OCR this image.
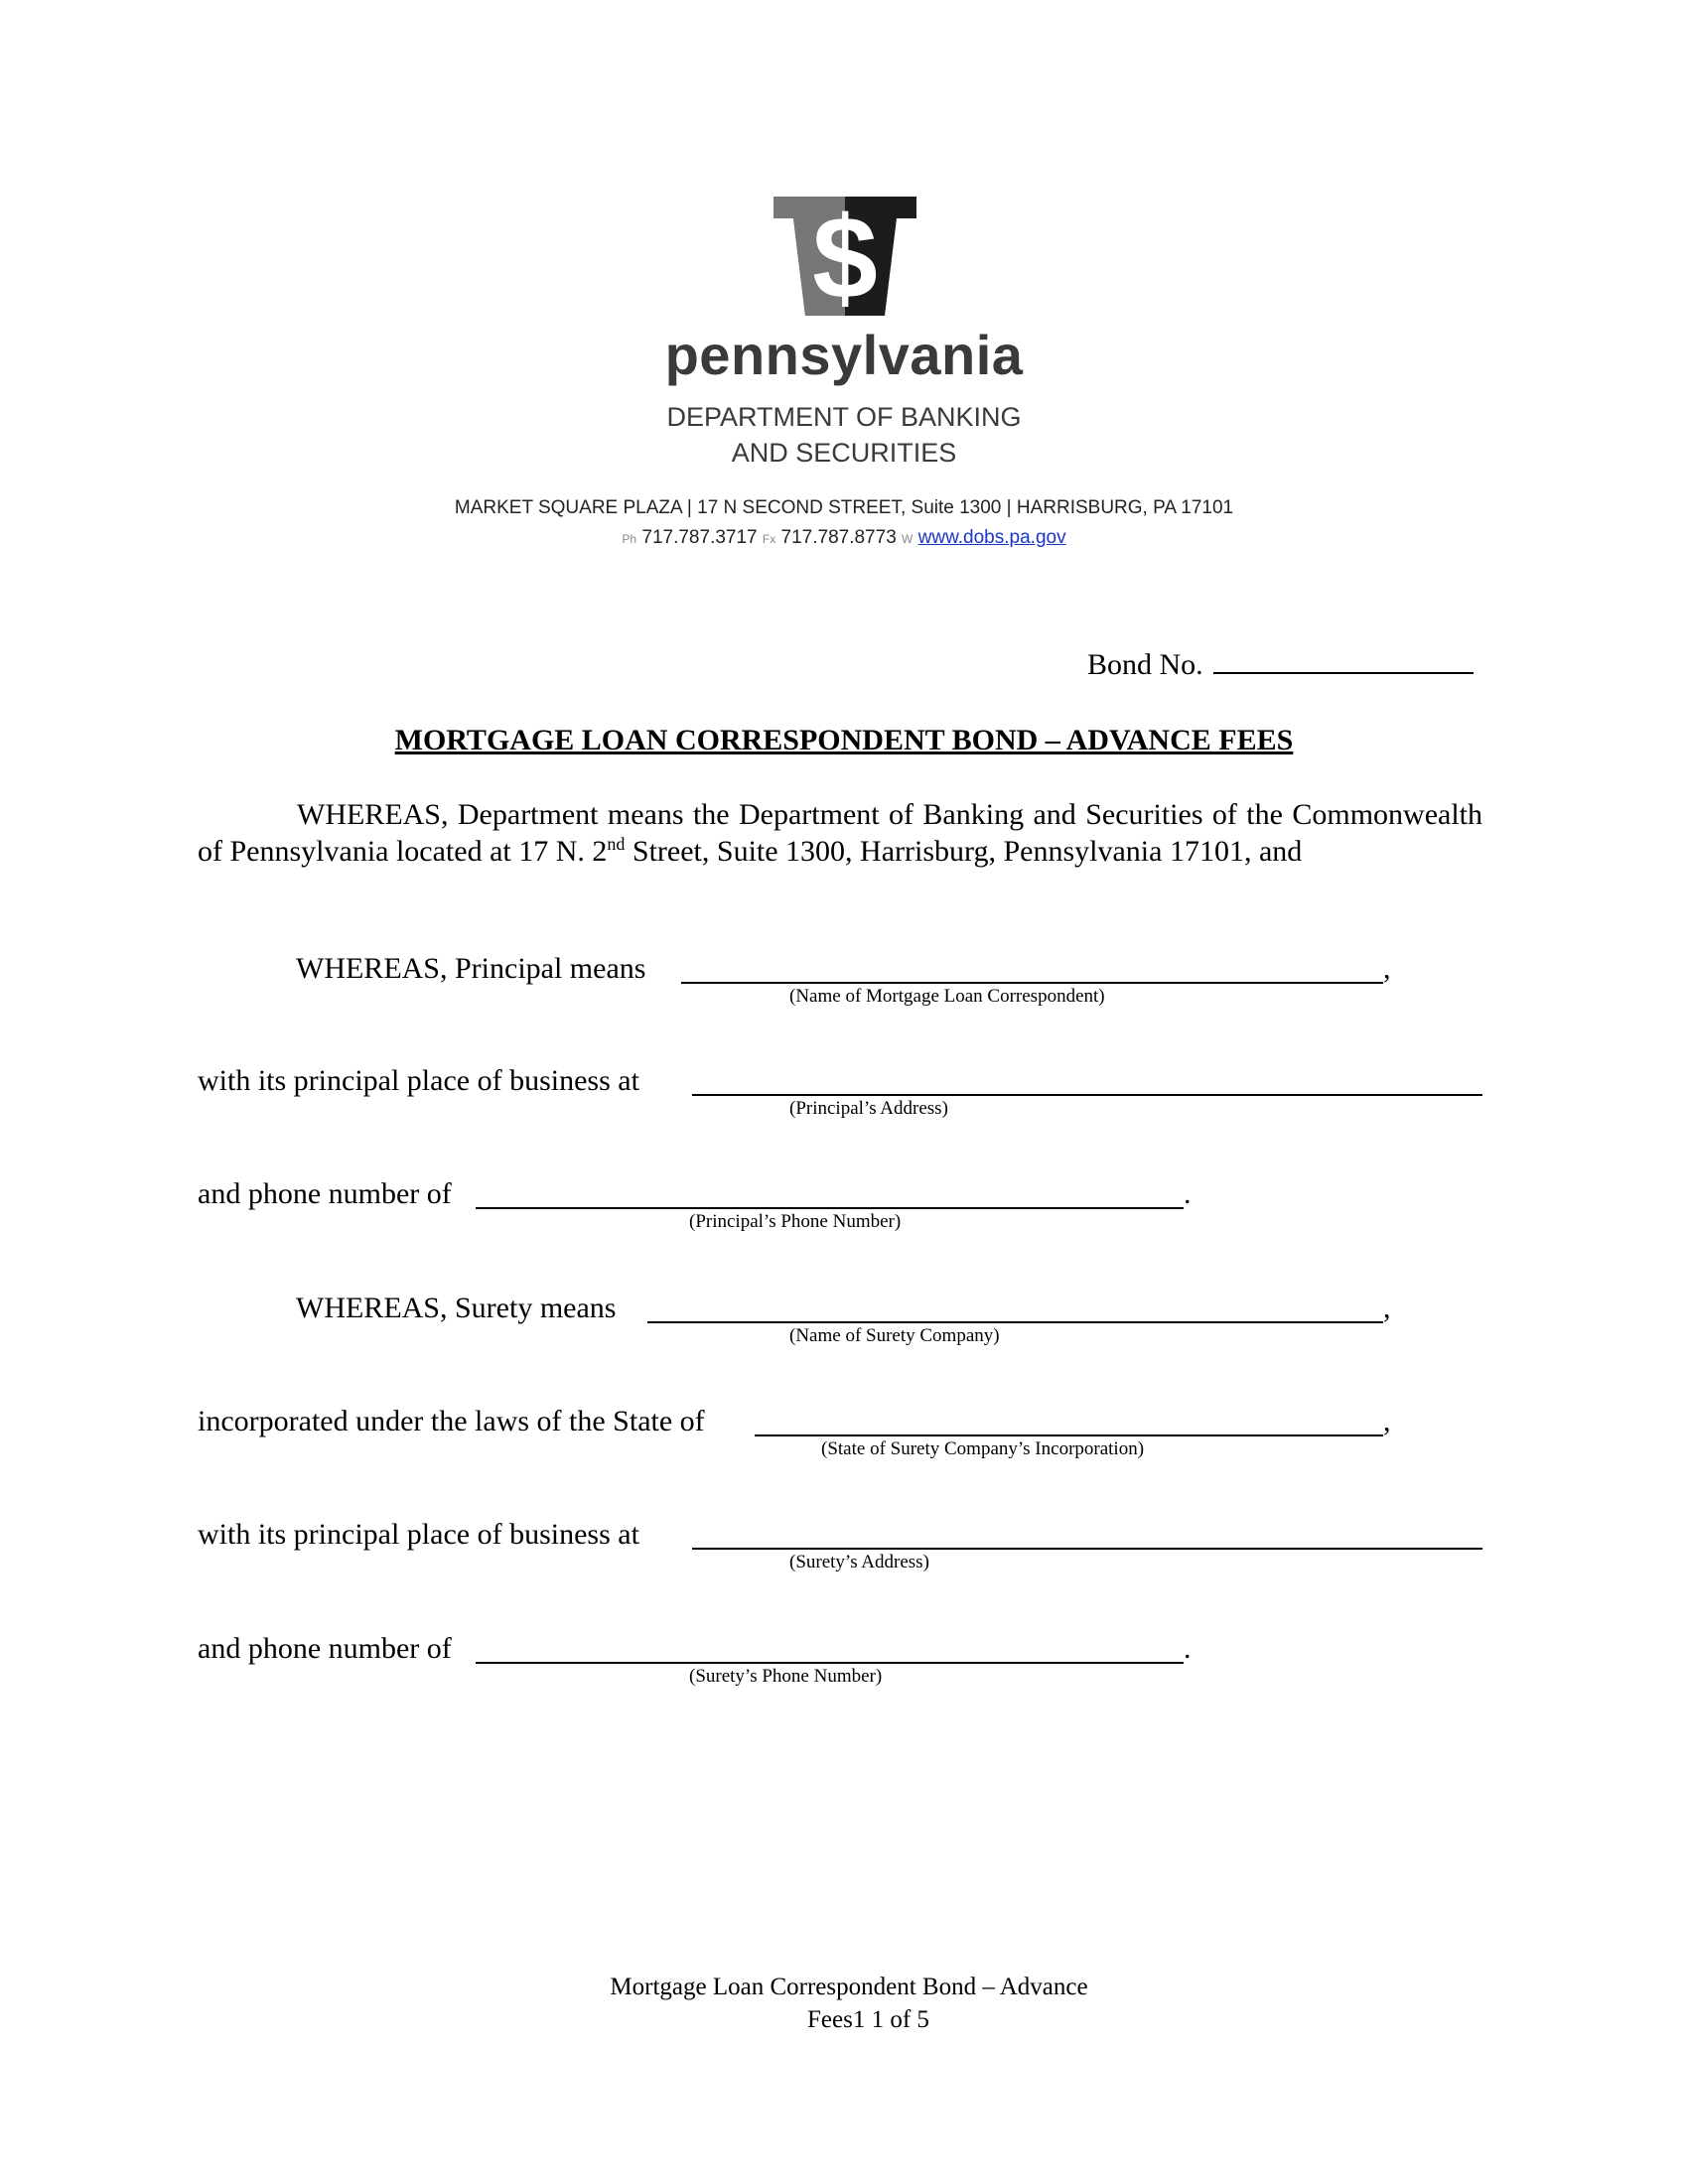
$
pennsylvania
DEPARTMENT OF BANKING
AND SECURITIES
MARKET SQUARE PLAZA | 17 N SECOND STREET, Suite 1300 | HARRISBURG, PA 17101
Ph 717.787.3717 Fx 717.787.8773 W www.dobs.pa.gov
Bond No.
MORTGAGE LOAN CORRESPONDENT BOND – ADVANCE FEES
WHEREAS, Department means the Department of Banking and Securities of the Commonwealth of Pennsylvania located at 17 N. 2nd Street, Suite 1300, Harrisburg, Pennsylvania 17101, and
WHEREAS, Principal means	,
(Name of Mortgage Loan Correspondent)
with its principal place of business at
(Principal’s Address)
and phone number of	.
(Principal’s Phone Number)
WHEREAS, Surety means	,
(Name of Surety Company)
incorporated under the laws of the State of	,
(State of Surety Company’s Incorporation)
with its principal place of business at
(Surety’s Address)
and phone number of	.
(Surety’s Phone Number)
Mortgage Loan Correspondent Bond – Advance
Fees1 1 of 5
